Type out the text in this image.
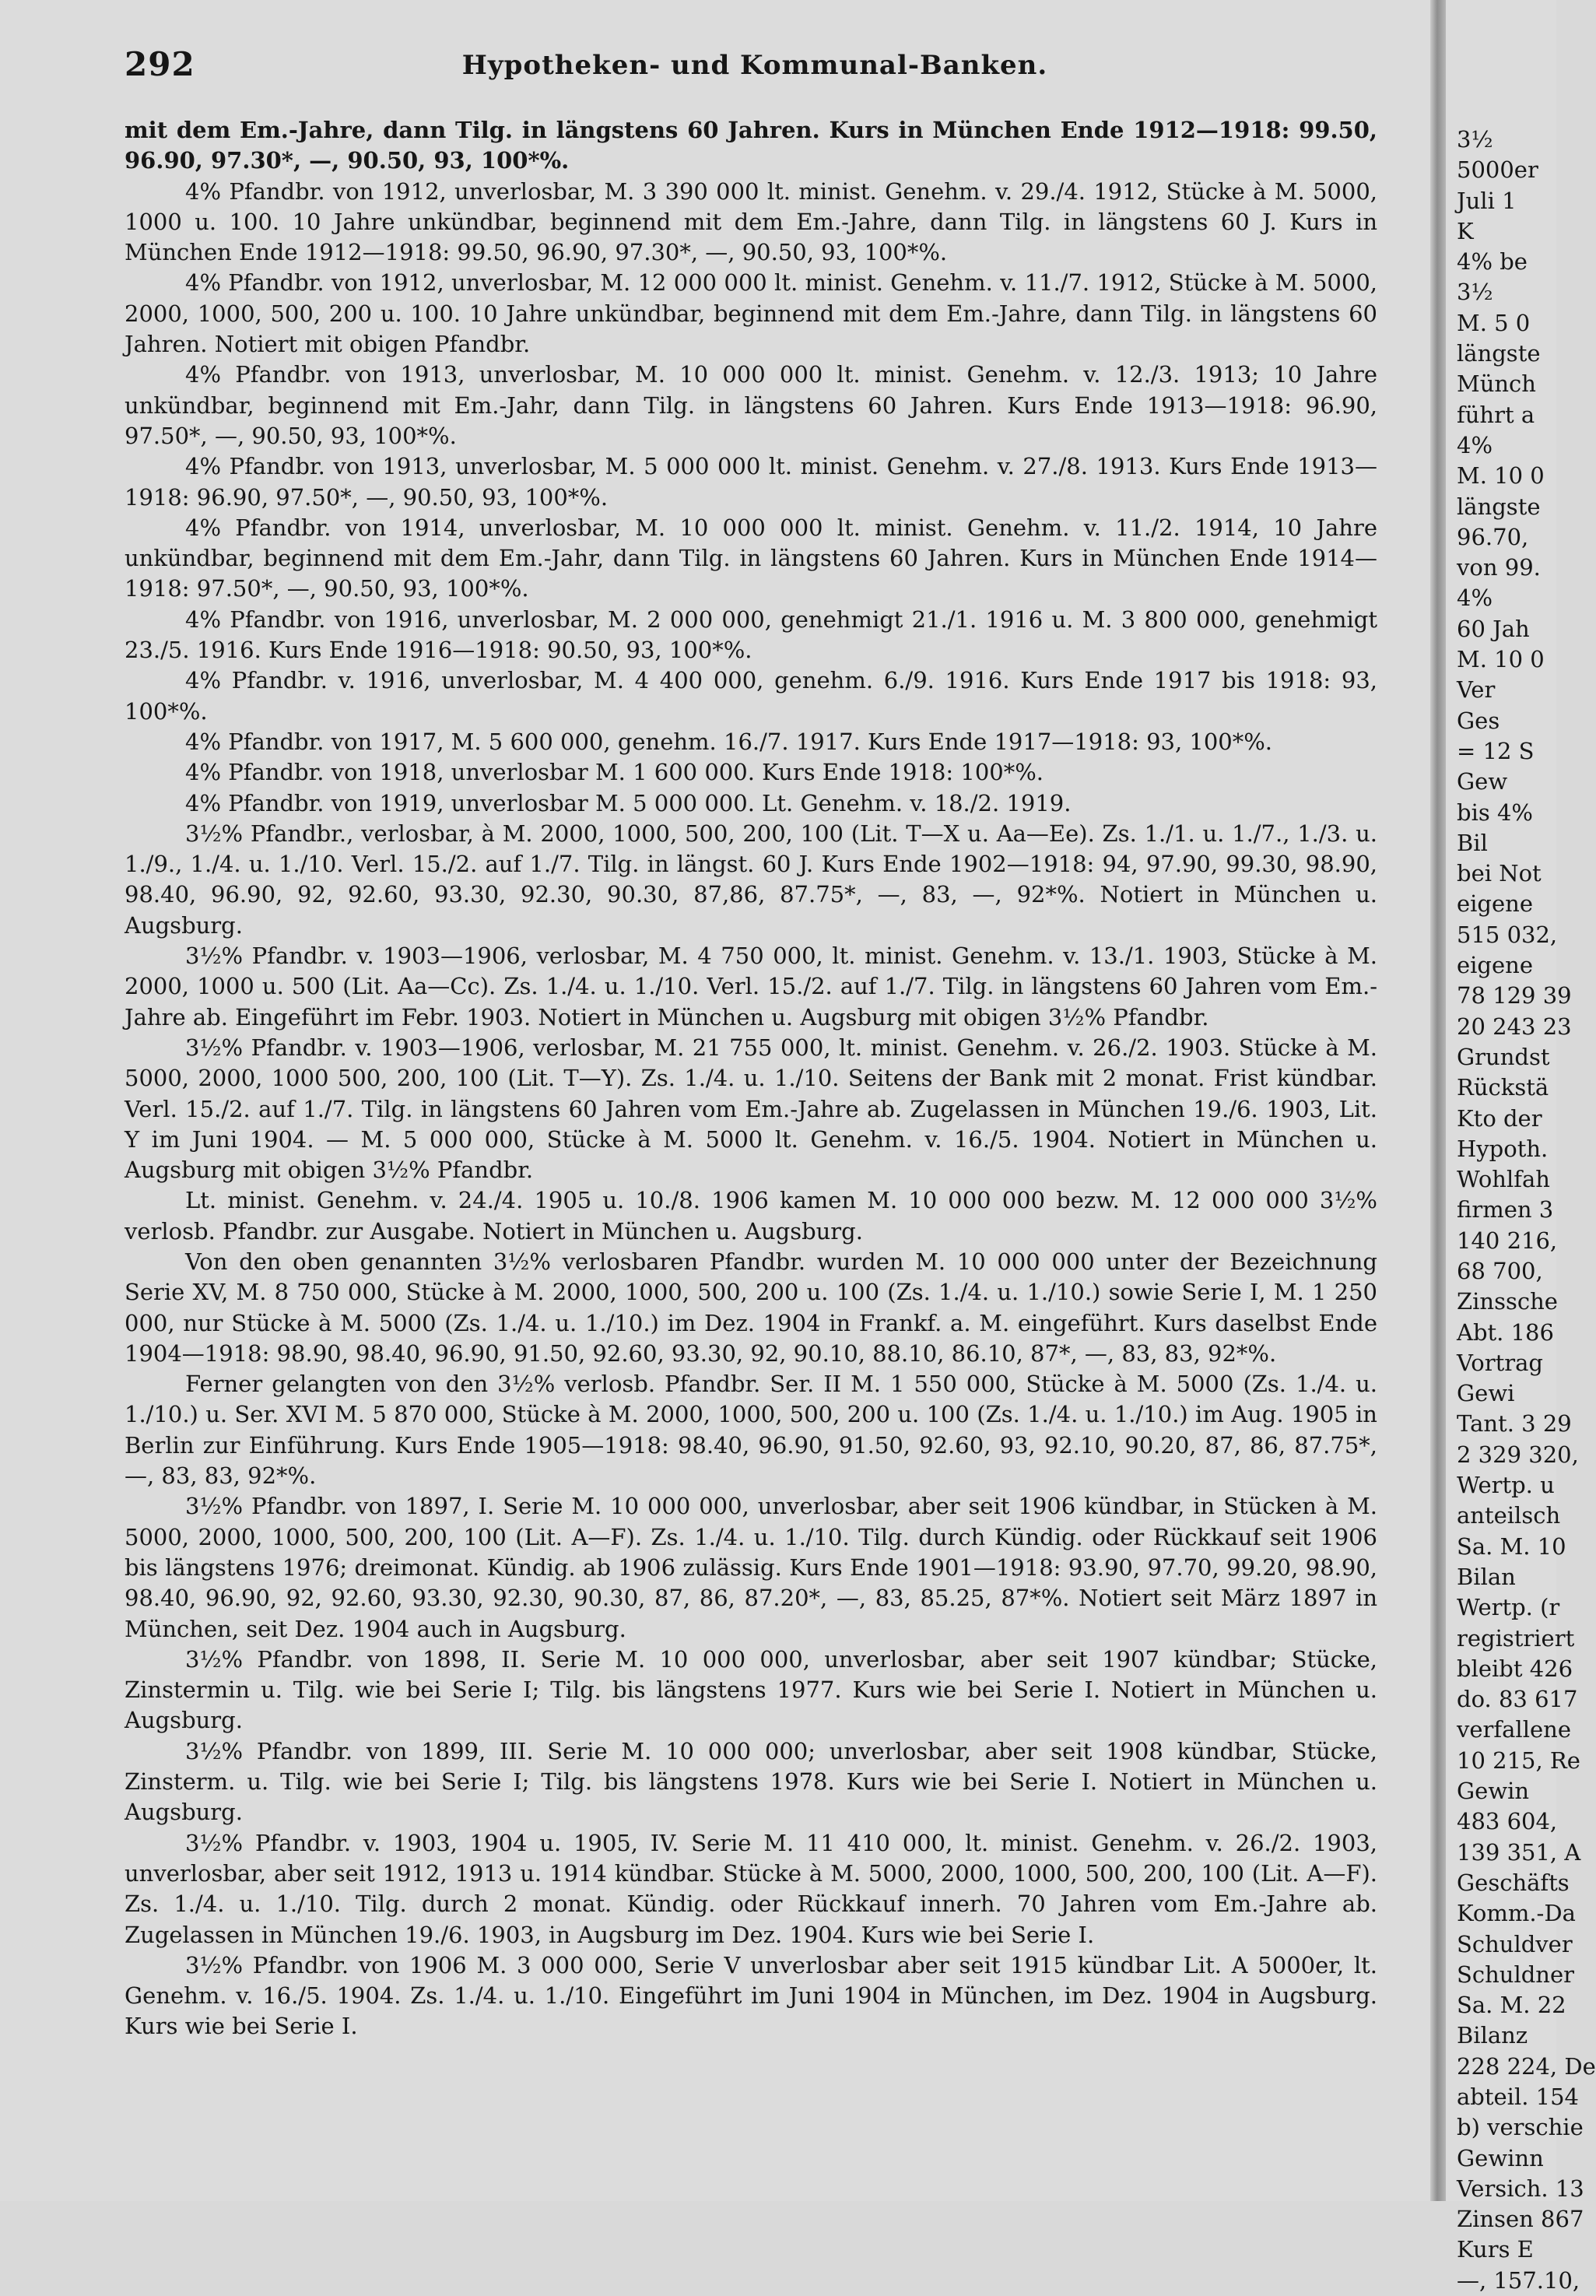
292	Hypotheken- und Kommunal-Banken.

mit dem Em.-Jahre, dann Tilg. in längstens 60 Jahren. Kurs in München Ende 1912—1918: 99.50, 96.90, 97.30*, —, 90.50, 93, 100*%.

4% Pfandbr. von 1912, unverlosbar, M. 3 390 000 lt. minist. Genehm. v. 29./4. 1912, Stücke à M. 5000, 1000 u. 100. 10 Jahre unkündbar, beginnend mit dem Em.-Jahre, dann Tilg. in längstens 60 J. Kurs in München Ende 1912—1918: 99.50, 96.90, 97.30*, —, 90.50, 93, 100*%.

4% Pfandbr. von 1912, unverlosbar, M. 12 000 000 lt. minist. Genehm. v. 11./7. 1912, Stücke à M. 5000, 2000, 1000, 500, 200 u. 100. 10 Jahre unkündbar, beginnend mit dem Em.-Jahre, dann Tilg. in längstens 60 Jahren. Notiert mit obigen Pfandbr.

4% Pfandbr. von 1913, unverlosbar, M. 10 000 000 lt. minist. Genehm. v. 12./3. 1913; 10 Jahre unkündbar, beginnend mit Em.-Jahr, dann Tilg. in längstens 60 Jahren. Kurs Ende 1913—1918: 96.90, 97.50*, —, 90.50, 93, 100*%.

4% Pfandbr. von 1913, unverlosbar, M. 5 000 000 lt. minist. Genehm. v. 27./8. 1913. Kurs Ende 1913—1918: 96.90, 97.50*, —, 90.50, 93, 100*%.

4% Pfandbr. von 1914, unverlosbar, M. 10 000 000 lt. minist. Genehm. v. 11./2. 1914, 10 Jahre unkündbar, beginnend mit dem Em.-Jahr, dann Tilg. in längstens 60 Jahren. Kurs in München Ende 1914—1918: 97.50*, —, 90.50, 93, 100*%.

4% Pfandbr. von 1916, unverlosbar, M. 2 000 000, genehmigt 21./1. 1916 u. M. 3 800 000, genehmigt 23./5. 1916. Kurs Ende 1916—1918: 90.50, 93, 100*%.

4% Pfandbr. v. 1916, unverlosbar, M. 4 400 000, genehm. 6./9. 1916. Kurs Ende 1917 bis 1918: 93, 100*%.

4% Pfandbr. von 1917, M. 5 600 000, genehm. 16./7. 1917. Kurs Ende 1917—1918: 93, 100*%.

4% Pfandbr. von 1918, unverlosbar M. 1 600 000. Kurs Ende 1918: 100*%.

4% Pfandbr. von 1919, unverlosbar M. 5 000 000. Lt. Genehm. v. 18./2. 1919.

3½% Pfandbr., verlosbar, à M. 2000, 1000, 500, 200, 100 (Lit. T—X u. Aa—Ee). Zs. 1./1. u. 1./7., 1./3. u. 1./9., 1./4. u. 1./10. Verl. 15./2. auf 1./7. Tilg. in längst. 60 J. Kurs Ende 1902—1918: 94, 97.90, 99.30, 98.90, 98.40, 96.90, 92, 92.60, 93.30, 92.30, 90.30, 87,86, 87.75*, —, 83, —, 92*%. Notiert in München u. Augsburg.

3½% Pfandbr. v. 1903—1906, verlosbar, M. 4 750 000, lt. minist. Genehm. v. 13./1. 1903, Stücke à M. 2000, 1000 u. 500 (Lit. Aa—Cc). Zs. 1./4. u. 1./10. Verl. 15./2. auf 1./7. Tilg. in längstens 60 Jahren vom Em.-Jahre ab. Eingeführt im Febr. 1903. Notiert in München u. Augsburg mit obigen 3½% Pfandbr.

3½% Pfandbr. v. 1903—1906, verlosbar, M. 21 755 000, lt. minist. Genehm. v. 26./2. 1903. Stücke à M. 5000, 2000, 1000 500, 200, 100 (Lit. T—Y). Zs. 1./4. u. 1./10. Seitens der Bank mit 2 monat. Frist kündbar. Verl. 15./2. auf 1./7. Tilg. in längstens 60 Jahren vom Em.-Jahre ab. Zugelassen in München 19./6. 1903, Lit. Y im Juni 1904. — M. 5 000 000, Stücke à M. 5000 lt. Genehm. v. 16./5. 1904. Notiert in München u. Augsburg mit obigen 3½% Pfandbr.

Lt. minist. Genehm. v. 24./4. 1905 u. 10./8. 1906 kamen M. 10 000 000 bezw. M. 12 000 000 3½% verlosb. Pfandbr. zur Ausgabe. Notiert in München u. Augsburg.

Von den oben genannten 3½% verlosbaren Pfandbr. wurden M. 10 000 000 unter der Bezeichnung Serie XV, M. 8 750 000, Stücke à M. 2000, 1000, 500, 200 u. 100 (Zs. 1./4. u. 1./10.) sowie Serie I, M. 1 250 000, nur Stücke à M. 5000 (Zs. 1./4. u. 1./10.) im Dez. 1904 in Frankf. a. M. eingeführt. Kurs daselbst Ende 1904—1918: 98.90, 98.40, 96.90, 91.50, 92.60, 93.30, 92, 90.10, 88.10, 86.10, 87*, —, 83, 83, 92*%.

Ferner gelangten von den 3½% verlosb. Pfandbr. Ser. II M. 1 550 000, Stücke à M. 5000 (Zs. 1./4. u. 1./10.) u. Ser. XVI M. 5 870 000, Stücke à M. 2000, 1000, 500, 200 u. 100 (Zs. 1./4. u. 1./10.) im Aug. 1905 in Berlin zur Einführung. Kurs Ende 1905—1918: 98.40, 96.90, 91.50, 92.60, 93, 92.10, 90.20, 87, 86, 87.75*, —, 83, 83, 92*%.

3½% Pfandbr. von 1897, I. Serie M. 10 000 000, unverlosbar, aber seit 1906 kündbar, in Stücken à M. 5000, 2000, 1000, 500, 200, 100 (Lit. A—F). Zs. 1./4. u. 1./10. Tilg. durch Kündig. oder Rückkauf seit 1906 bis längstens 1976; dreimonat. Kündig. ab 1906 zulässig. Kurs Ende 1901—1918: 93.90, 97.70, 99.20, 98.90, 98.40, 96.90, 92, 92.60, 93.30, 92.30, 90.30, 87, 86, 87.20*, —, 83, 85.25, 87*%. Notiert seit März 1897 in München, seit Dez. 1904 auch in Augsburg.

3½% Pfandbr. von 1898, II. Serie M. 10 000 000, unverlosbar, aber seit 1907 kündbar; Stücke, Zinstermin u. Tilg. wie bei Serie I; Tilg. bis längstens 1977. Kurs wie bei Serie I. Notiert in München u. Augsburg.

3½% Pfandbr. von 1899, III. Serie M. 10 000 000; unverlosbar, aber seit 1908 kündbar, Stücke, Zinsterm. u. Tilg. wie bei Serie I; Tilg. bis längstens 1978. Kurs wie bei Serie I. Notiert in München u. Augsburg.

3½% Pfandbr. v. 1903, 1904 u. 1905, IV. Serie M. 11 410 000, lt. minist. Genehm. v. 26./2. 1903, unverlosbar, aber seit 1912, 1913 u. 1914 kündbar. Stücke à M. 5000, 2000, 1000, 500, 200, 100 (Lit. A—F). Zs. 1./4. u. 1./10. Tilg. durch 2 monat. Kündig. oder Rückkauf innerh. 70 Jahren vom Em.-Jahre ab. Zugelassen in München 19./6. 1903, in Augsburg im Dez. 1904. Kurs wie bei Serie I.

3½% Pfandbr. von 1906 M. 3 000 000, Serie V unverlosbar aber seit 1915 kündbar Lit. A 5000er, lt. Genehm. v. 16./5. 1904. Zs. 1./4. u. 1./10. Eingeführt im Juni 1904 in München, im Dez. 1904 in Augsburg. Kurs wie bei Serie I.

3½
5000er
Juli 1
K
4% be
3½
M. 5 0
längste
Münch
führt a
4%
M. 10 0
längste
96.70,
von 99.
4%
60 Jah
M. 10 0
Ver
Ges
= 12 S
Gew
bis 4%
Bil
bei Not
eigene
515 032,
eigene
78 129 39
20 243 23
Grundst
Rückstä
Kto der
Hypoth.
Wohlfah
firmen 3
140 216,
68 700,
Zinssche
Abt. 186
Vortrag
Gewi
Tant. 3 29
2 329 320,
Wertp. u
anteilsch
Sa. M. 10
Bilan
Wertp. (r
registriert
bleibt 426
do. 83 617
verfallene
10 215, Re
Gewin
483 604,
139 351, A
Geschäfts
Komm.-Da
Schuldver
Schuldner
Sa. M. 22
Bilanz
228 224, De
abteil. 154
b) verschie
Gewinn
Versich. 13
Zinsen 867
Kurs E
—, 157.10,
